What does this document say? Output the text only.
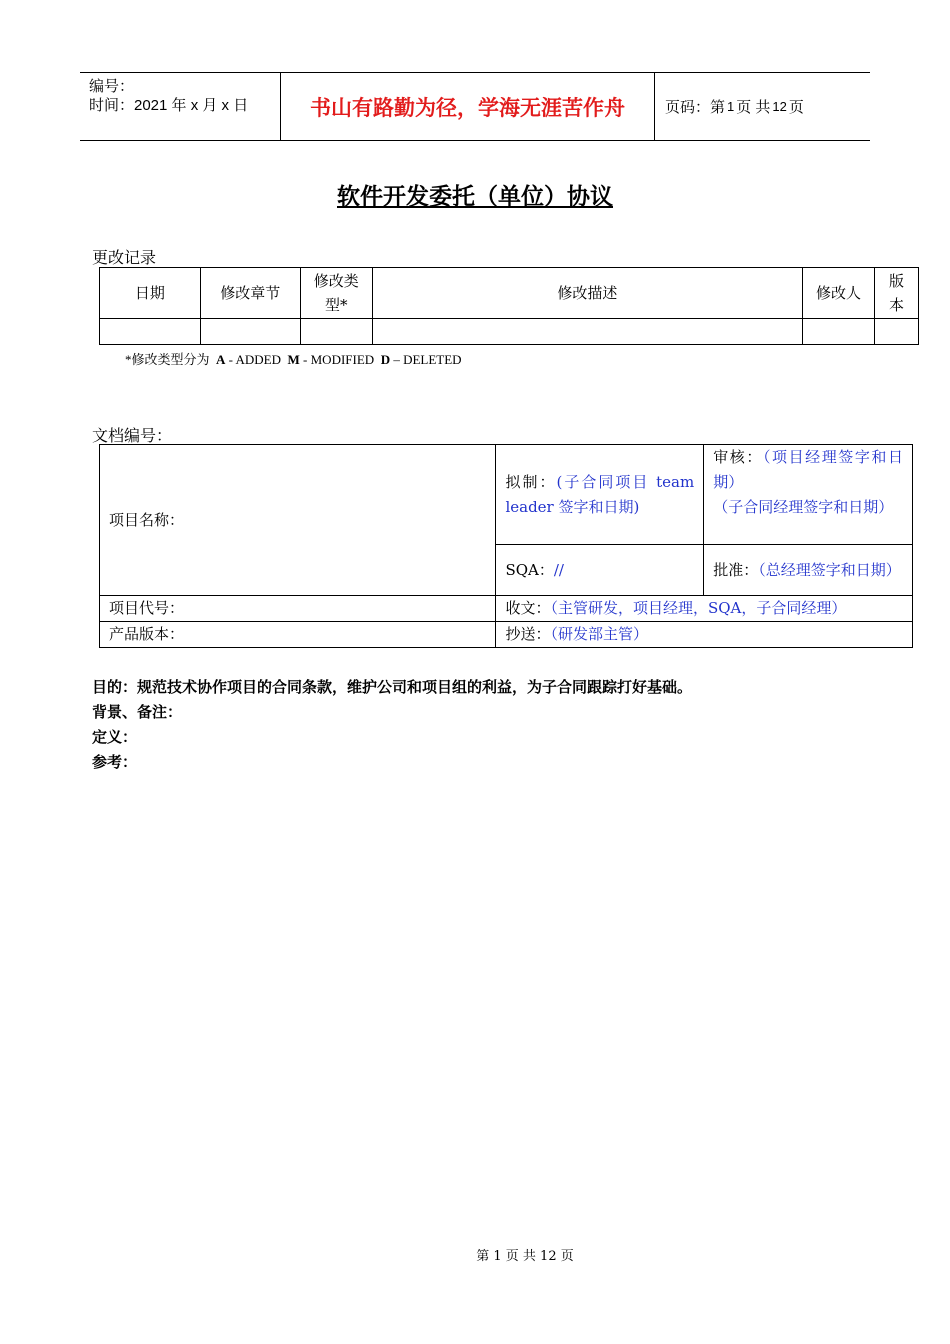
编号：
时间：2021 年 x 月 x 日	书山有路勤为径，学海无涯苦作舟	页码：第 1 页 共 12 页
软件开发委托（单位）协议
更改记录
日期	修改章节	修改类型*	修改描述	修改人	版本

*修改类型分为 A - ADDED M - MODIFIED D – DELETED
文档编号：
项目名称：	拟制：(子合同项目 team leader 签字和日期)	审核：（项目经理签字和日期）
（子合同经理签字和日期）
	SQA：//	批准：（总经理签字和日期）
项目代号：	收文：（主管研发，项目经理，SQA，子合同经理）	
产品版本：	抄送：（研发部主管）	
目的：规范技术协作项目的合同条款，维护公司和项目组的利益，为子合同跟踪打好基础。
背景、备注：
定义：
参考：
第 1 页 共 12 页
